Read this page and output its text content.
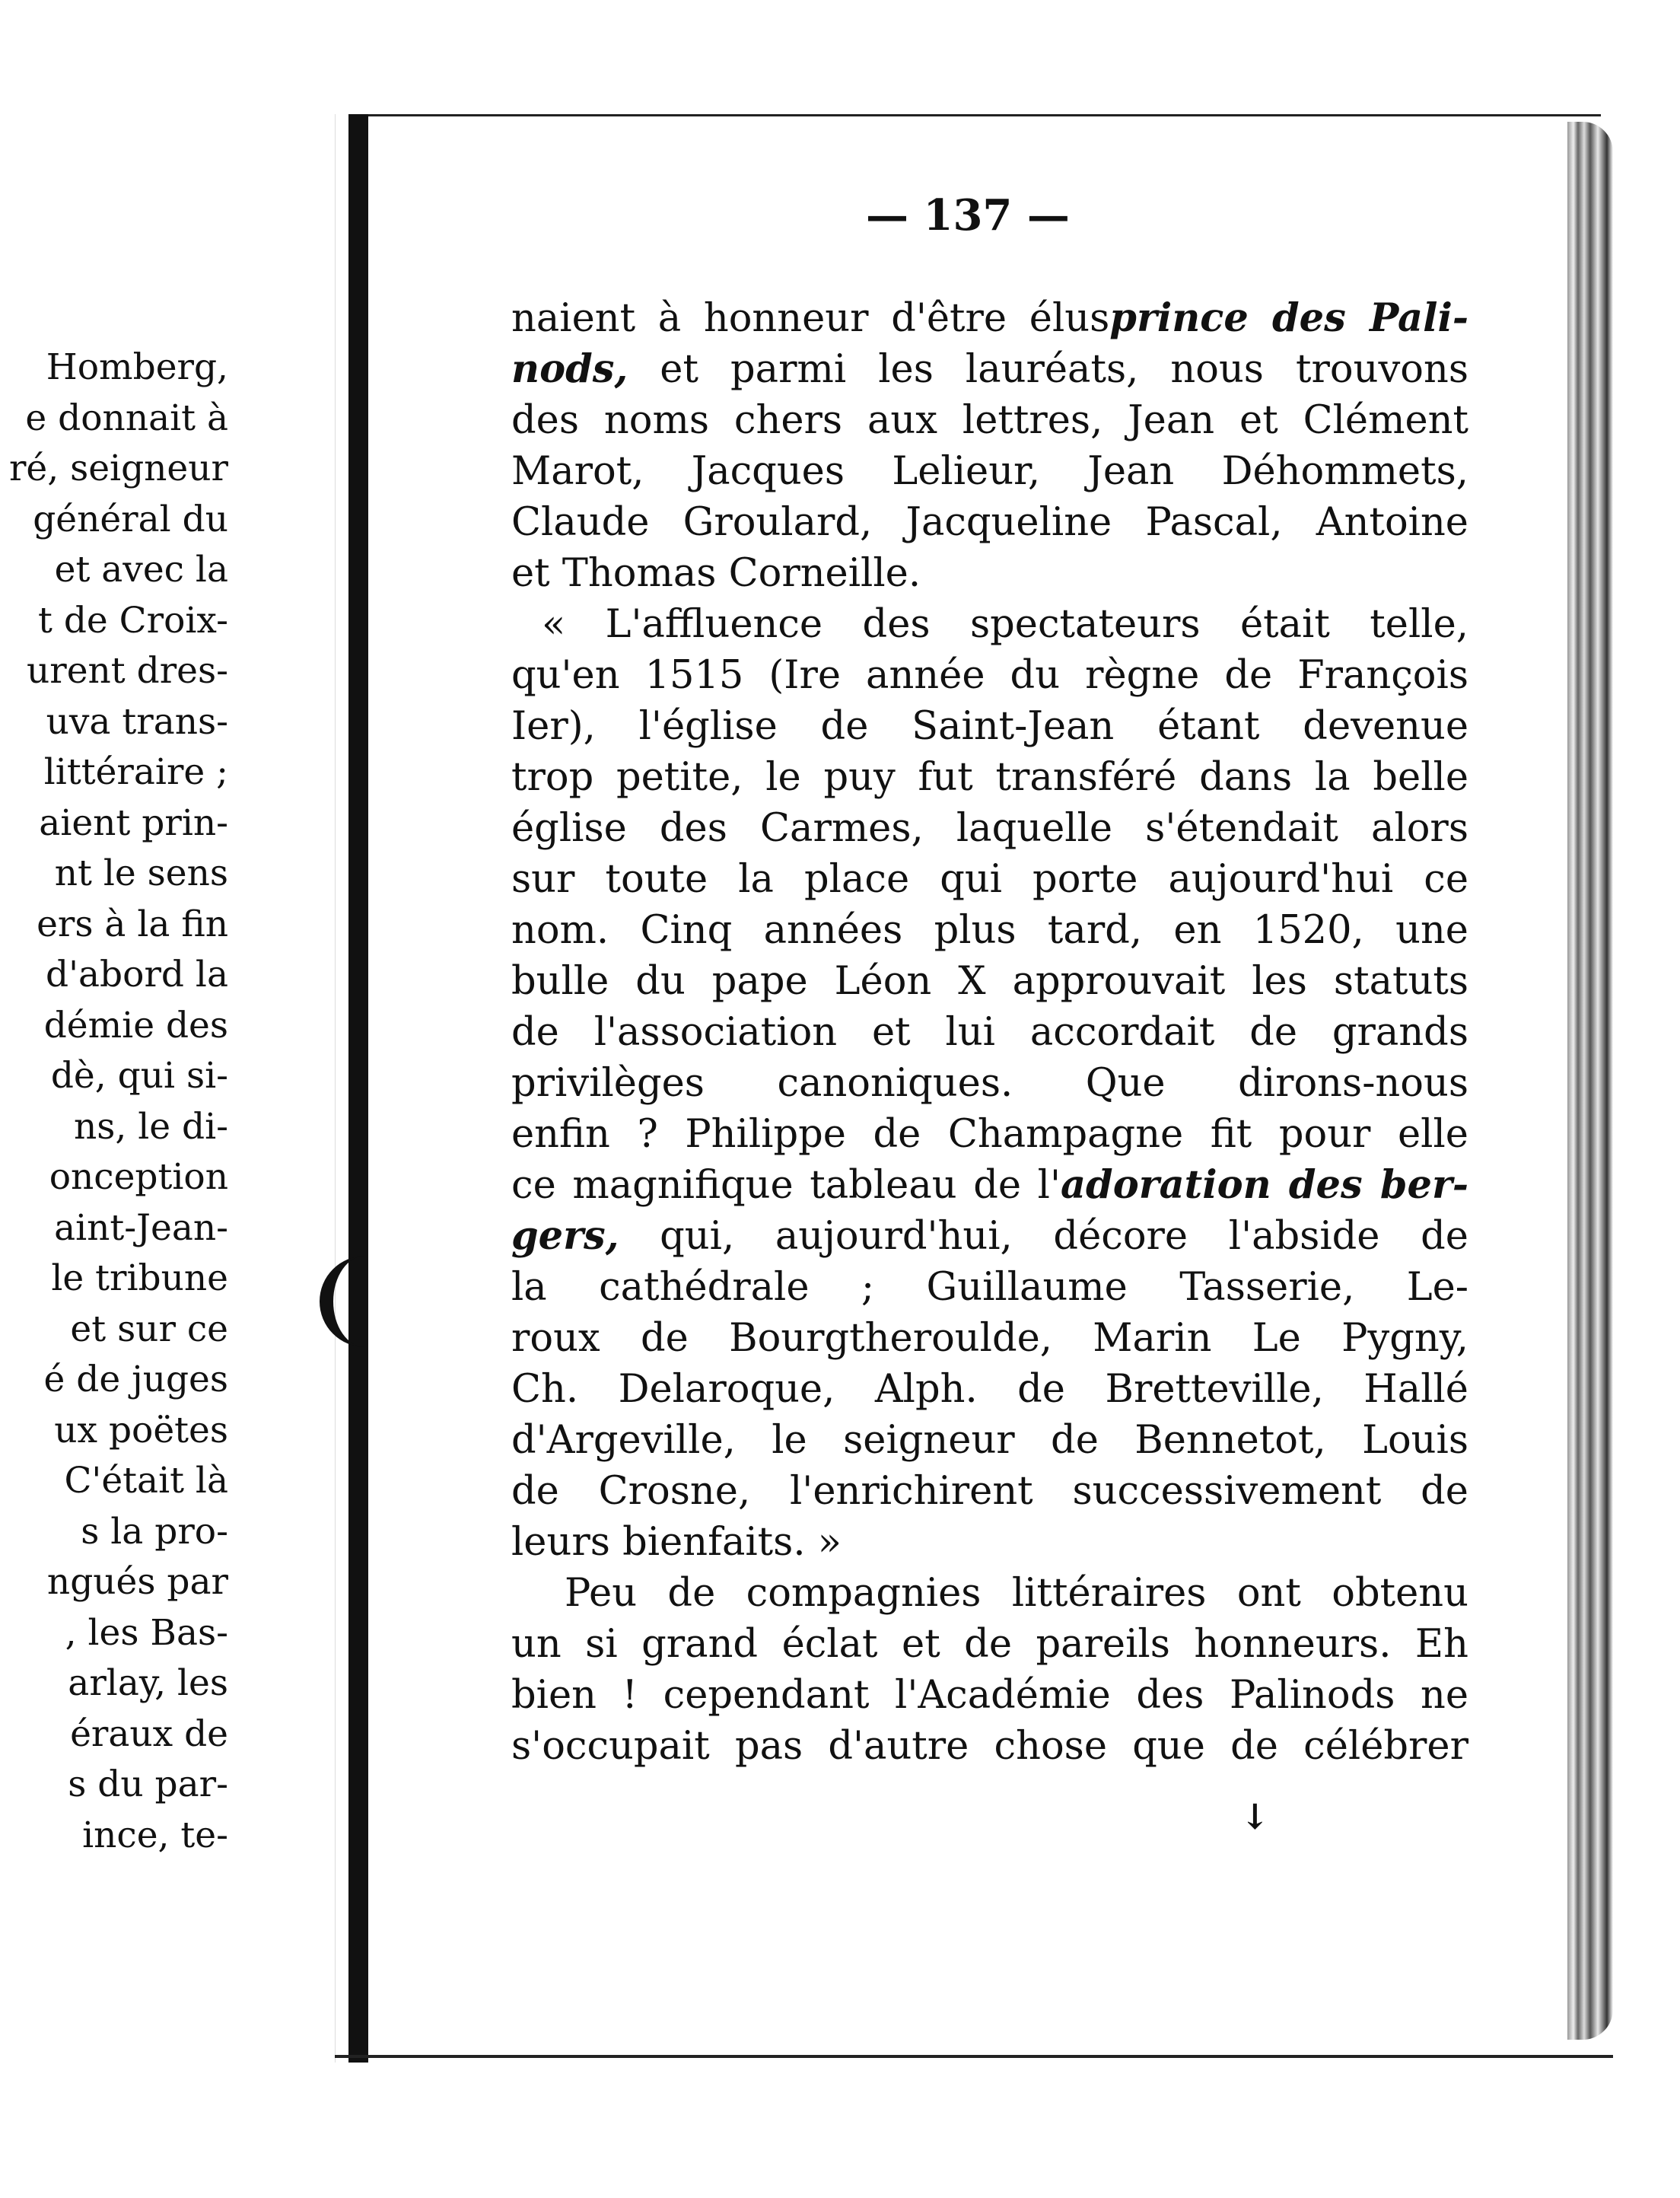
Homberg,
e donnait à
ré, seigneur
général du
et avec la
t de Croix-
urent dres-
uva trans-
littéraire ;
aient prin-
nt le sens
ers à la fin
d'abord la
démie des
dè, qui si-
ns, le di-
onception
aint-Jean-
le tribune
et sur ce
é de juges
ux poëtes
C'était là
s la pro-
ngués par
, les Bas-
arlay, les
éraux de
s du par-
ince, te-
— 137 —
naient à honneur d'être élusprince des Pali-
nods, et parmi les lauréats, nous trouvons
des noms chers aux lettres, Jean et Clément
Marot, Jacques Lelieur, Jean Déhommets,
Claude Groulard, Jacqueline Pascal, Antoine
et Thomas Corneille.
« L'affluence des spectateurs était telle,
qu'en 1515 (Ire année du règne de François
Ier), l'église de Saint-Jean étant devenue
trop petite, le puy fut transféré dans la belle
église des Carmes, laquelle s'étendait alors
sur toute la place qui porte aujourd'hui ce
nom. Cinq années plus tard, en 1520, une
bulle du pape Léon X approuvait les statuts
de l'association et lui accordait de grands
privilèges canoniques. Que dirons-nous
enfin ? Philippe de Champagne fit pour elle
ce magnifique tableau de l'adoration des ber-
gers, qui, aujourd'hui, décore l'abside de
la cathédrale ; Guillaume Tasserie, Le-
roux de Bourgtheroulde, Marin Le Pygny,
Ch. Delaroque, Alph. de Bretteville, Hallé
d'Argeville, le seigneur de Bennetot, Louis
de Crosne, l'enrichirent successivement de
leurs bienfaits. »
Peu de compagnies littéraires ont obtenu
un si grand éclat et de pareils honneurs. Eh
bien ! cependant l'Académie des Palinods ne
s'occupait pas d'autre chose que de célébrer
↓
